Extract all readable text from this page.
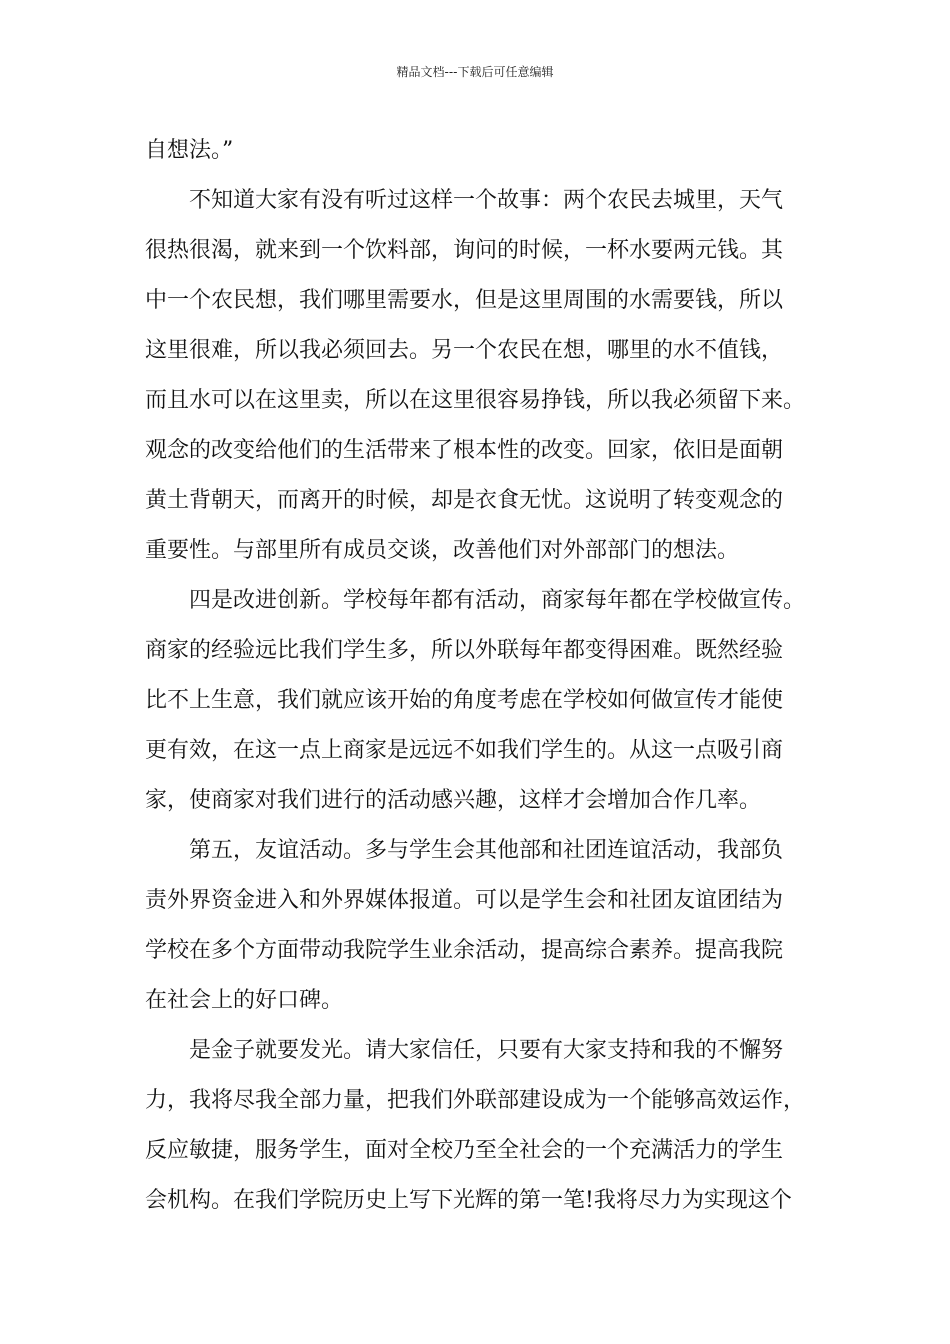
精品文档---下载后可任意编辑
自想法。”
不知道大家有没有听过这样一个故事：两个农民去城里，天气
很热很渴，就来到一个饮料部，询问的时候，一杯水要两元钱。其
中一个农民想，我们哪里需要水，但是这里周围的水需要钱，所以
这里很难，所以我必须回去。另一个农民在想，哪里的水不值钱，
而且水可以在这里卖，所以在这里很容易挣钱，所以我必须留下来。
观念的改变给他们的生活带来了根本性的改变。回家，依旧是面朝
黄土背朝天，而离开的时候，却是衣食无忧。这说明了转变观念的
重要性。与部里所有成员交谈，改善他们对外部部门的想法。
四是改进创新。学校每年都有活动，商家每年都在学校做宣传。
商家的经验远比我们学生多，所以外联每年都变得困难。既然经验
比不上生意，我们就应该开始的角度考虑在学校如何做宣传才能使
更有效，在这一点上商家是远远不如我们学生的。从这一点吸引商
家，使商家对我们进行的活动感兴趣，这样才会增加合作几率。
第五，友谊活动。多与学生会其他部和社团连谊活动，我部负
责外界资金进入和外界媒体报道。可以是学生会和社团友谊团结为
学校在多个方面带动我院学生业余活动，提高综合素养。提高我院
在社会上的好口碑。
是金子就要发光。请大家信任，只要有大家支持和我的不懈努
力，我将尽我全部力量，把我们外联部建设成为一个能够高效运作，
反应敏捷，服务学生，面对全校乃至全社会的一个充满活力的学生
会机构。在我们学院历史上写下光辉的第一笔!我将尽力为实现这个
